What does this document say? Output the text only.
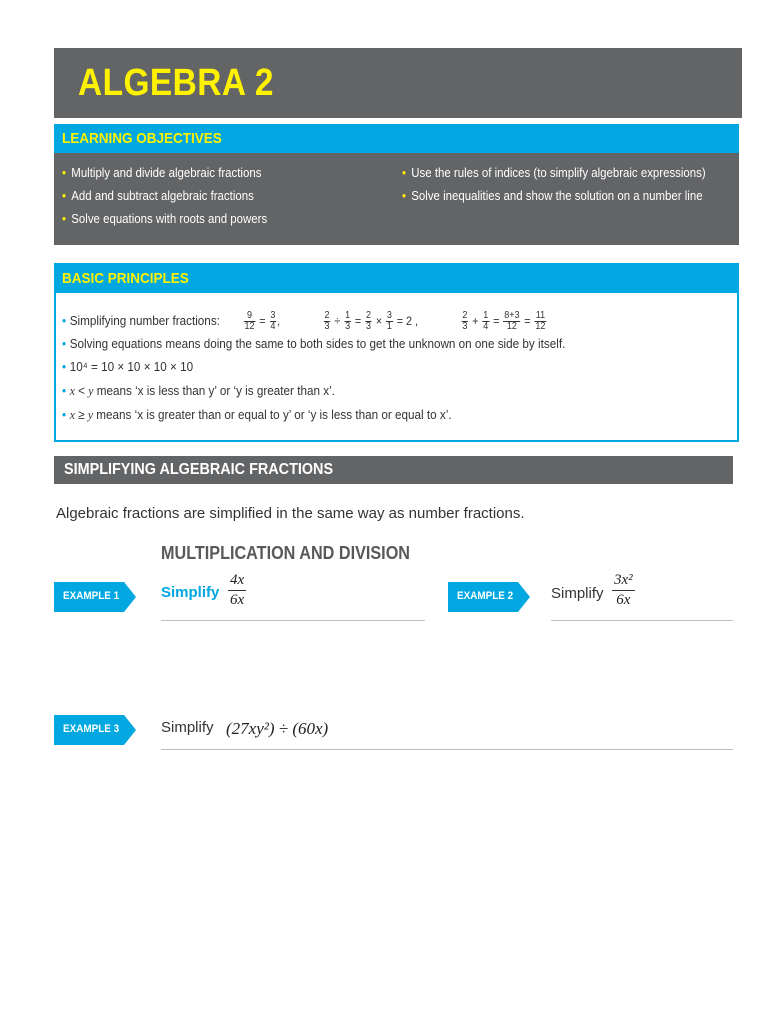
ALGEBRA 2
LEARNING OBJECTIVES
• Multiply and divide algebraic fractions
• Add and subtract algebraic fractions
• Solve equations with roots and powers
• Use the rules of indices (to simplify algebraic expressions)
• Solve inequalities and show the solution on a number line
BASIC PRINCIPLES
• Simplifying number fractions: $\frac{9}{12} = \frac{3}{4}$ ,	$\frac{2}{3} \div \frac{1}{3} = \frac{2}{3} \times \frac{3}{1} = 2$ ,	$\frac{2}{3} + \frac{1}{4} = \frac{8+3}{12} = \frac{11}{12}$
• Solving equations means doing the same to both sides to get the unknown on one side by itself.
• 10⁴ = 10 × 10 × 10 × 10
• x < y means ‘x is less than y’ or ‘y is greater than x’.
• x ≥ y means ‘x is greater than or equal to y’ or ‘y is less than or equal to x’.
SIMPLIFYING ALGEBRAIC FRACTIONS
Algebraic fractions are simplified in the same way as number fractions.
MULTIPLICATION AND DIVISION
EXAMPLE 1	Simplify $\frac{4x}{6x}$	EXAMPLE 2	Simplify $\frac{\text{3x²}}{6x}$
EXAMPLE 3	Simplify (27xy²) ÷ (60x)
